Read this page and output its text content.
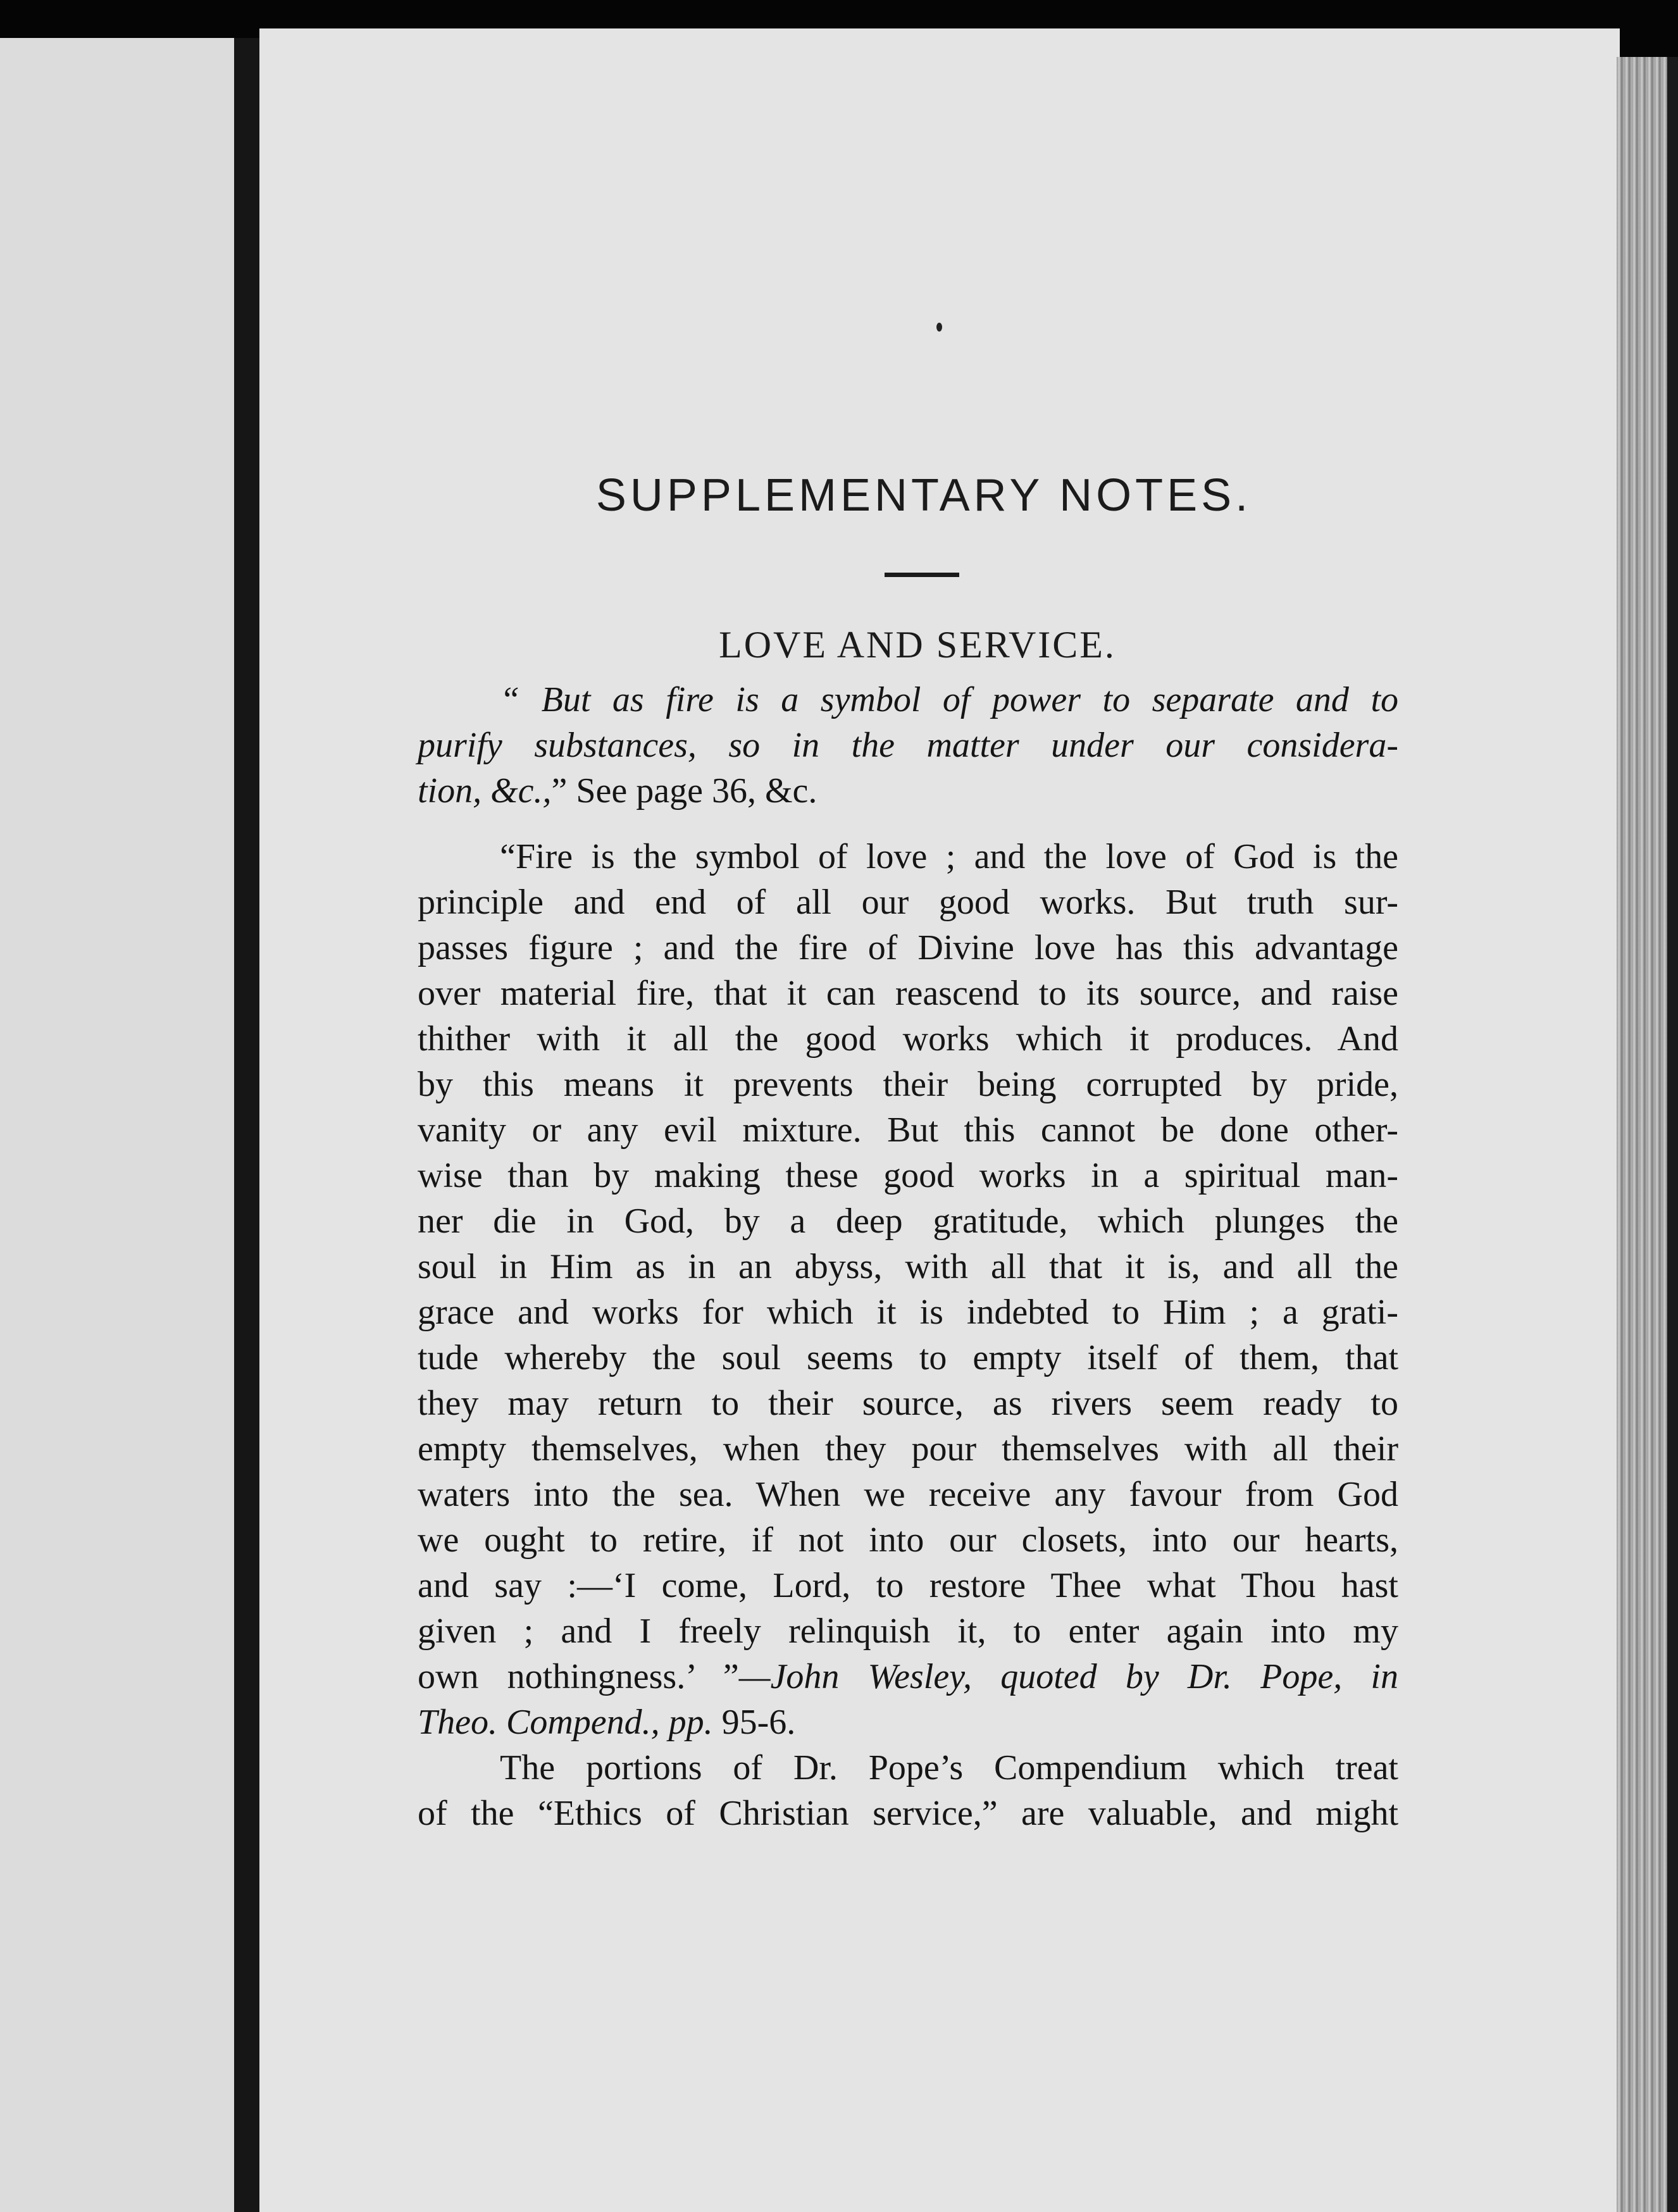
SUPPLEMENTARY NOTES.
LOVE AND SERVICE.
“ But as fire is a symbol of power to separate and to
purify substances, so in the matter under our considera-
tion, &c.,” See page 36, &c.
“Fire is the symbol of love ; and the love of God is the
principle and end of all our good works. But truth sur-
passes figure ; and the fire of Divine love has this advantage
over material fire, that it can reascend to its source, and raise
thither with it all the good works which it produces. And
by this means it prevents their being corrupted by pride,
vanity or any evil mixture. But this cannot be done other-
wise than by making these good works in a spiritual man-
ner die in God, by a deep gratitude, which plunges the
soul in Him as in an abyss, with all that it is, and all the
grace and works for which it is indebted to Him ; a grati-
tude whereby the soul seems to empty itself of them, that
they may return to their source, as rivers seem ready to
empty themselves, when they pour themselves with all their
waters into the sea. When we receive any favour from God
we ought to retire, if not into our closets, into our hearts,
and say :—‘I come, Lord, to restore Thee what Thou hast
given ; and I freely relinquish it, to enter again into my
own nothingness.’ ”—John Wesley, quoted by Dr. Pope, in
Theo. Compend., pp. 95-6.
The portions of Dr. Pope’s Compendium which treat
of the “Ethics of Christian service,” are valuable, and might
